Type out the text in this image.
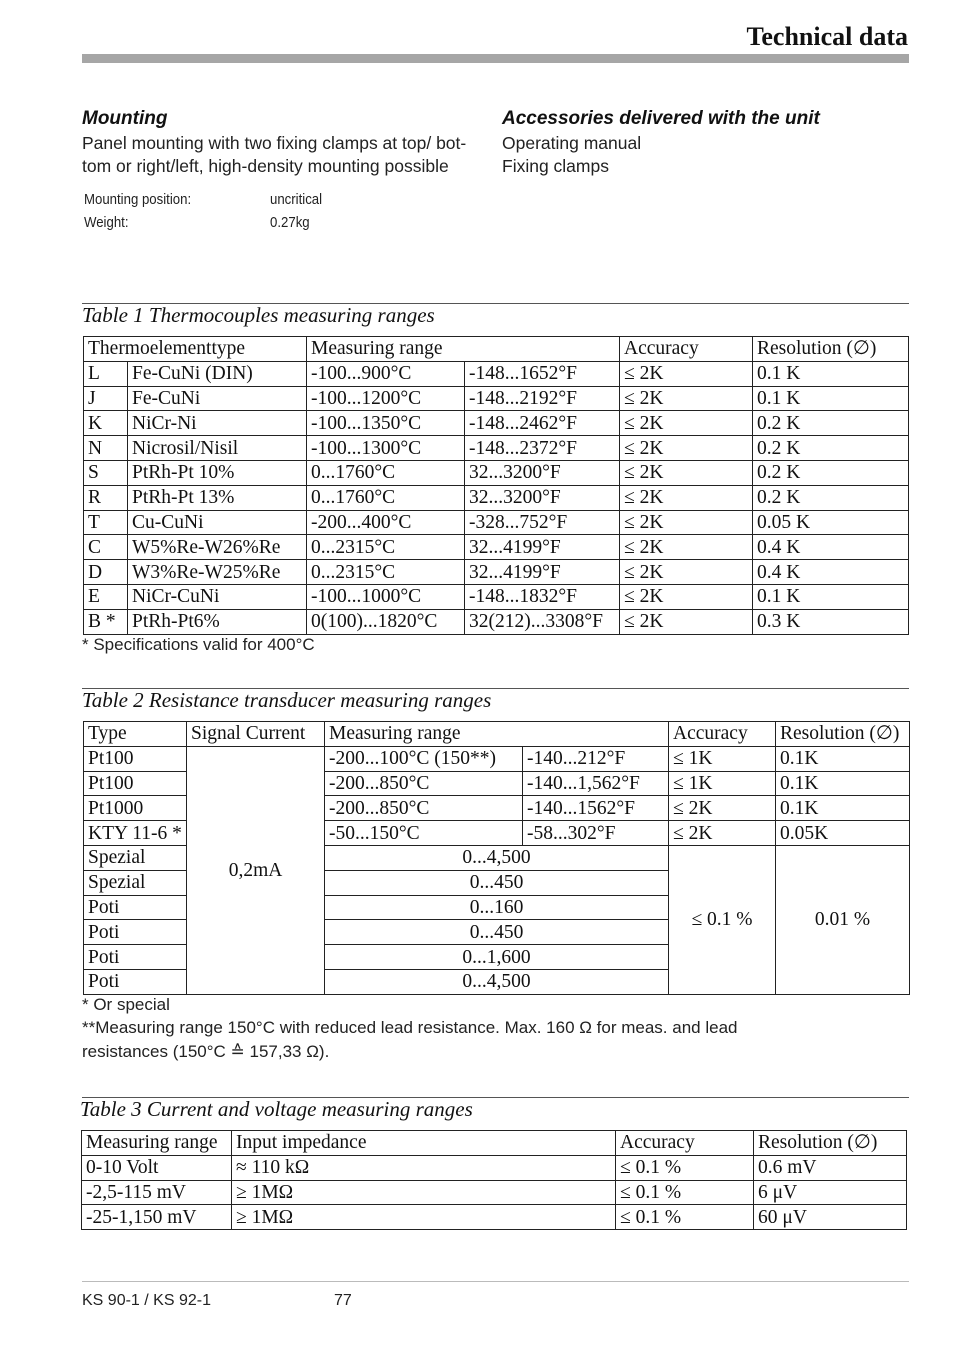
Technical data
Mounting
Panel mounting with two fixing clamps at top/ bot-
tom or right/left, high-density mounting possible
Mounting position:	uncritical
Weight:	0.27kg
Accessories delivered with the unit
Operating manual
Fixing clamps
Table 1 Thermocouples measuring ranges
Thermoelementtype		Measuring range		Accuracy	Resolution (∅)
L	Fe-CuNi (DIN)	-100...900°C	-148...1652°F	≤ 2K	0.1 K
J	Fe-CuNi	-100...1200°C	-148...2192°F	≤ 2K	0.1 K
K	NiCr-Ni	-100...1350°C	-148...2462°F	≤ 2K	0.2 K
N	Nicrosil/Nisil	-100...1300°C	-148...2372°F	≤ 2K	0.2 K
S	PtRh-Pt 10%	0...1760°C	32...3200°F	≤ 2K	0.2 K
R	PtRh-Pt 13%	0...1760°C	32...3200°F	≤ 2K	0.2 K
T	Cu-CuNi	-200...400°C	-328...752°F	≤ 2K	0.05 K
C	W5%Re-W26%Re	0...2315°C	32...4199°F	≤ 2K	0.4 K
D	W3%Re-W25%Re	0...2315°C	32...4199°F	≤ 2K	0.4 K
E	NiCr-CuNi	-100...1000°C	-148...1832°F	≤ 2K	0.1 K
B *	PtRh-Pt6%	0(100)...1820°C	32(212)...3308°F	≤ 2K	0.3 K
* Specifications valid for 400°C
Table 2 Resistance transducer measuring ranges
Type	Signal Current	Measuring range		Accuracy	Resolution (∅)
Pt100	0,2mA	-200...100°C (150**)	-140...212°F	≤ 1K	0.1K
Pt100		-200...850°C	-140...1,562°F	≤ 1K	0.1K
Pt1000		-200...850°C	-140...1562°F	≤ 2K	0.1K
KTY 11-6 *		-50...150°C	-58...302°F	≤ 2K	0.05K
Spezial		0...4,500		≤ 0.1 %	0.01 %
Spezial		0...450			
Poti		0...160			
Poti		0...450			
Poti		0...1,600			
Poti		0...4,500			
* Or special
**Measuring range 150°C with reduced lead resistance. Max. 160 Ω for meas. and lead
resistances (150°C ≙ 157,33 Ω).
Table 3 Current and voltage measuring ranges
Measuring range	Input impedance	Accuracy	Resolution (∅)
0-10 Volt	≈ 110 kΩ	≤ 0.1 %	0.6 mV
-2,5-115 mV	≥ 1MΩ	≤ 0.1 %	6 μV
-25-1,150 mV	≥ 1MΩ	≤ 0.1 %	60 μV
KS 90-1 / KS 92-1	77
